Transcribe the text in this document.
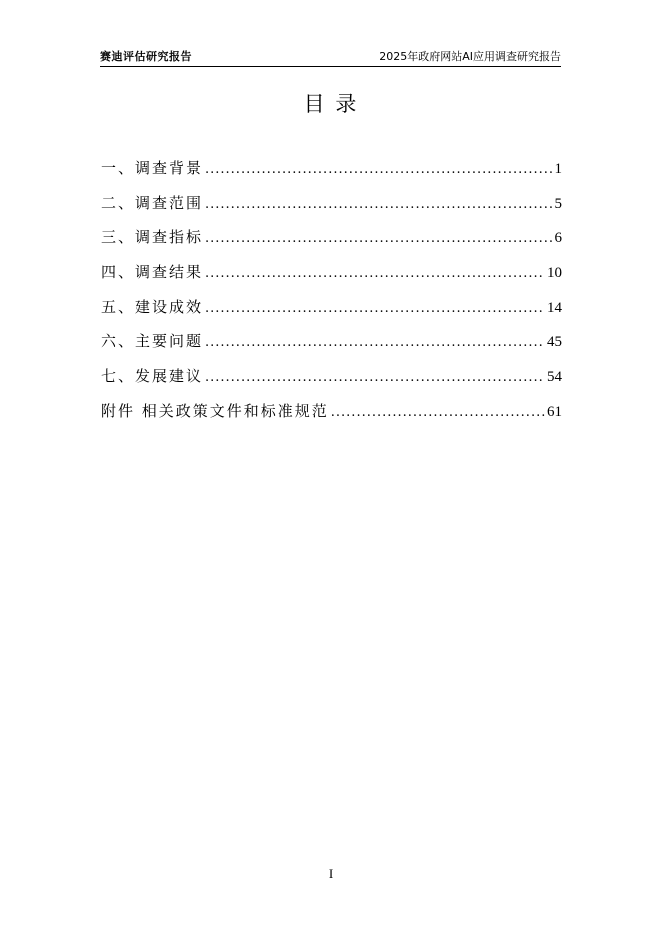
赛迪评估研究报告	2025年政府网站AI应用调查研究报告
目 录
一、调查背景 .....	1
二、调查范围 .....	5
三、调查指标 .....	6
四、调查结果 .....	10
五、建设成效 .....	14
六、主要问题 .....	45
七、发展建议 .....	54
附件 相关政策文件和标准规范 .....	61
I
